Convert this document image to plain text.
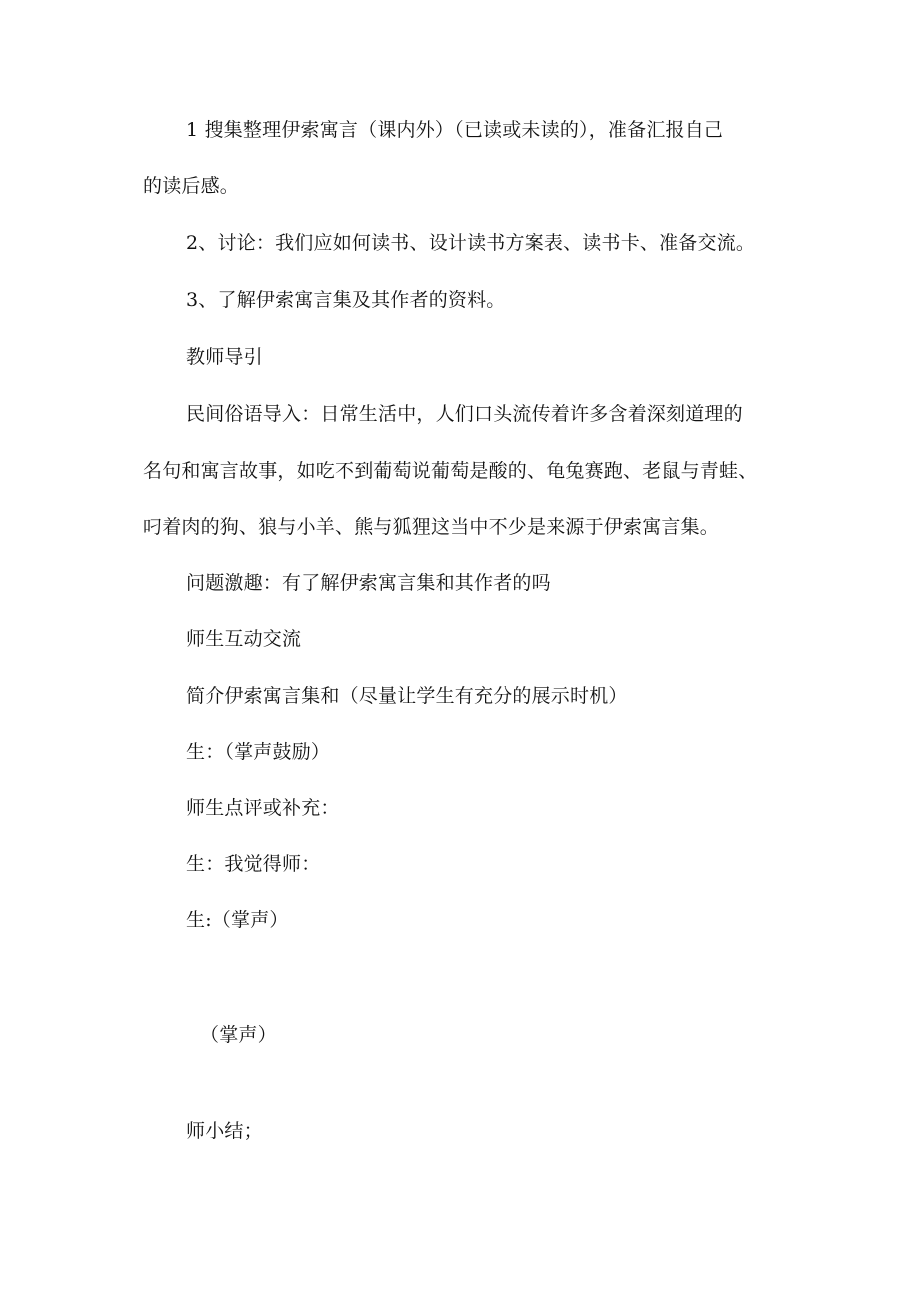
1 搜集整理伊索寓言（课内外）（已读或未读的），准备汇报自己
的读后感。
2、讨论：我们应如何读书、设计读书方案表、读书卡、准备交流。
3、了解伊索寓言集及其作者的资料。
教师导引
民间俗语导入：日常生活中，人们口头流传着许多含着深刻道理的
名句和寓言故事，如吃不到葡萄说葡萄是酸的、龟兔赛跑、老鼠与青蛙、
叼着肉的狗、狼与小羊、熊与狐狸这当中不少是来源于伊索寓言集。
问题激趣：有了解伊索寓言集和其作者的吗
师生互动交流
简介伊索寓言集和（尽量让学生有充分的展示时机）
生：（掌声鼓励）
师生点评或补充：
生：我觉得师：
生:（掌声）
（掌声）
师小结；
